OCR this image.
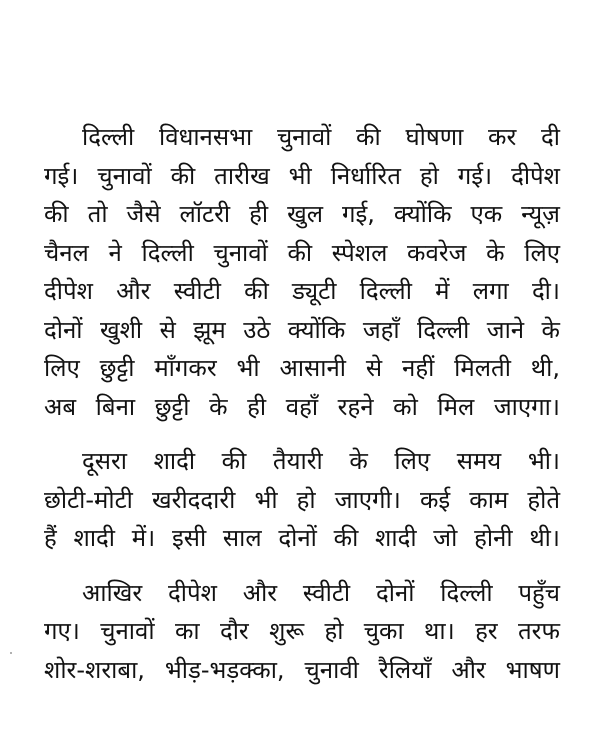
दिल्ली विधानसभा चुनावों की घोषणा कर दी
गई। चुनावों की तारीख भी निर्धारित हो गई। दीपेश
की तो जैसे लॉटरी ही खुल गई, क्योंकि एक न्यूज़
चैनल ने दिल्ली चुनावों की स्पेशल कवरेज के लिए
दीपेश और स्वीटी की ड्यूटी दिल्ली में लगा दी।
दोनों खुशी से झूम उठे क्योंकि जहाँ दिल्ली जाने के
लिए छुट्टी माँगकर भी आसानी से नहीं मिलती थी,
अब बिना छुट्टी के ही वहाँ रहने को मिल जाएगा।

दूसरा शादी की तैयारी के लिए समय भी।
छोटी-मोटी खरीददारी भी हो जाएगी। कई काम होते
हैं शादी में। इसी साल दोनों की शादी जो होनी थी।

आखिर दीपेश और स्वीटी दोनों दिल्ली पहुँच
गए। चुनावों का दौर शुरू हो चुका था। हर तरफ
शोर-शराबा, भीड़-भड़क्का, चुनावी रैलियाँ और भाषण
